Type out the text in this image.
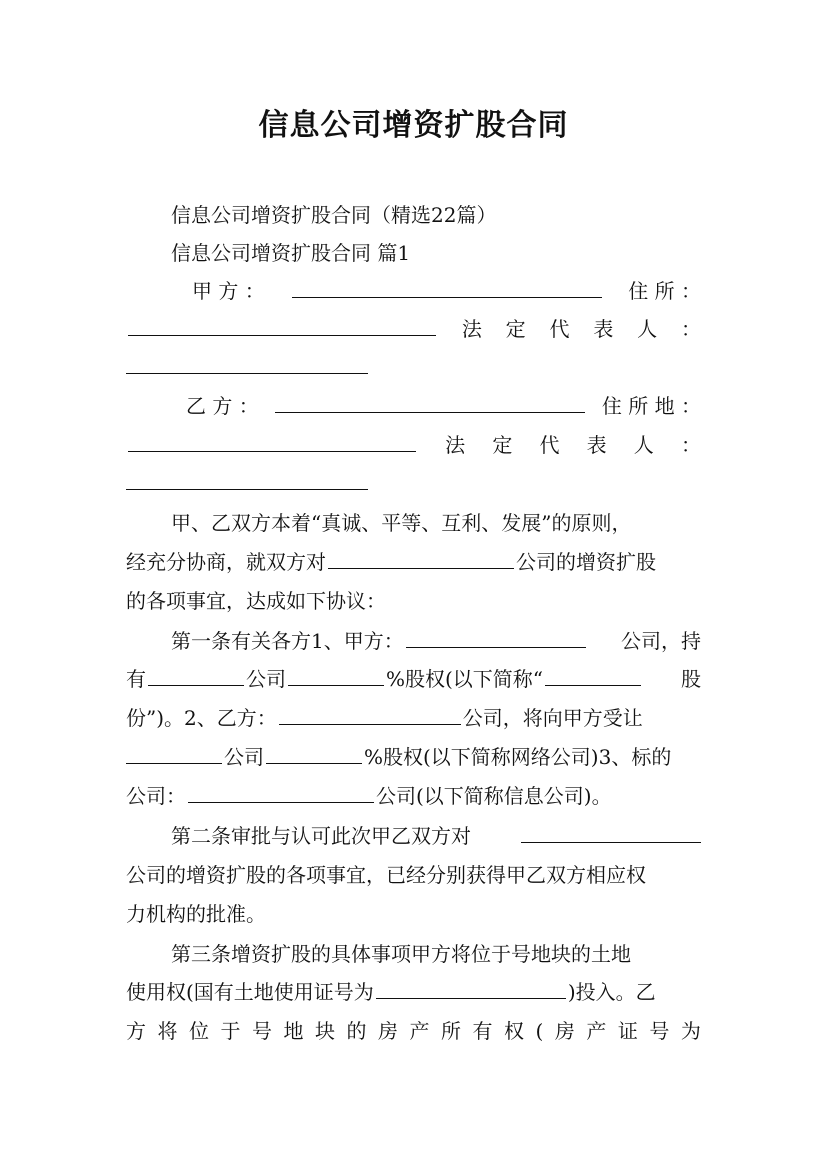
信息公司增资扩股合同
信息公司增资扩股合同（精选22篇）
信息公司增资扩股合同 篇1
甲 方 ：	住 所 ：
法 定 代 表 人 ：
乙 方 ：	住 所 地 ：
法 定 代 表 人 ：
甲、乙双方本着“真诚、平等、互利、发展”的原则，
经充分协商，就双方对	公司的增资扩股
的各项事宜，达成如下协议：
第一条有关各方1、甲方：	公司，持
有	公司	%股权(以下简称“	股
份”)。2、乙方：	公司，将向甲方受让
公司	%股权(以下简称网络公司)3、标的
公司：	公司(以下简称信息公司)。
第二条审批与认可此次甲乙双方对
公司的增资扩股的各项事宜，已经分别获得甲乙双方相应权
力机构的批准。
第三条增资扩股的具体事项甲方将位于号地块的土地
使用权(国有土地使用证号为	)投入。乙
方 将 位 于 号 地 块 的 房 产 所 有 权 ( 房 产 证 号 为
